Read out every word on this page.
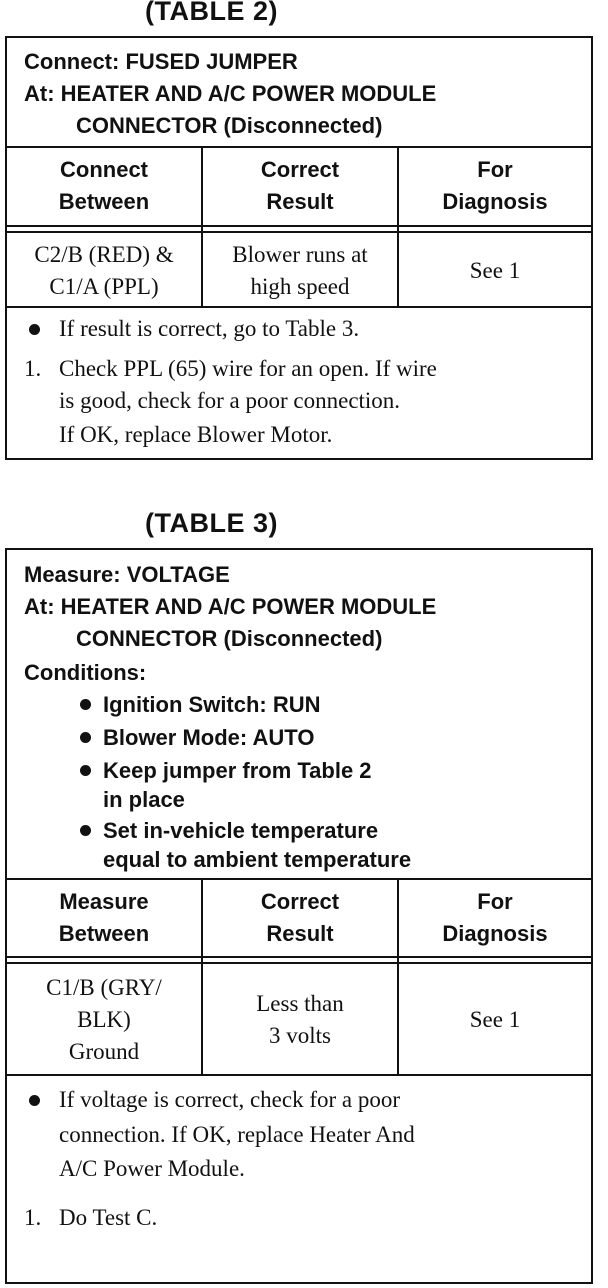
(TABLE 2)
Connect: FUSED JUMPER
At: HEATER AND A/C POWER MODULE
CONNECTOR (Disconnected)
Connect
Between
Correct
Result
For
Diagnosis
C2/B (RED) &
C1/A (PPL)
Blower runs at
high speed
See 1
If result is correct, go to Table 3.
1. Check PPL (65) wire for an open. If wire
is good, check for a poor connection.
If OK, replace Blower Motor.
(TABLE 3)
Measure: VOLTAGE
At: HEATER AND A/C POWER MODULE
CONNECTOR (Disconnected)
Conditions:
Ignition Switch: RUN
Blower Mode: AUTO
Keep jumper from Table 2
in place
Set in-vehicle temperature
equal to ambient temperature
Measure
Between
Correct
Result
For
Diagnosis
C1/B (GRY/
BLK)
Ground
Less than
3 volts
See 1
If voltage is correct, check for a poor
connection. If OK, replace Heater And
A/C Power Module.
1. Do Test C.
